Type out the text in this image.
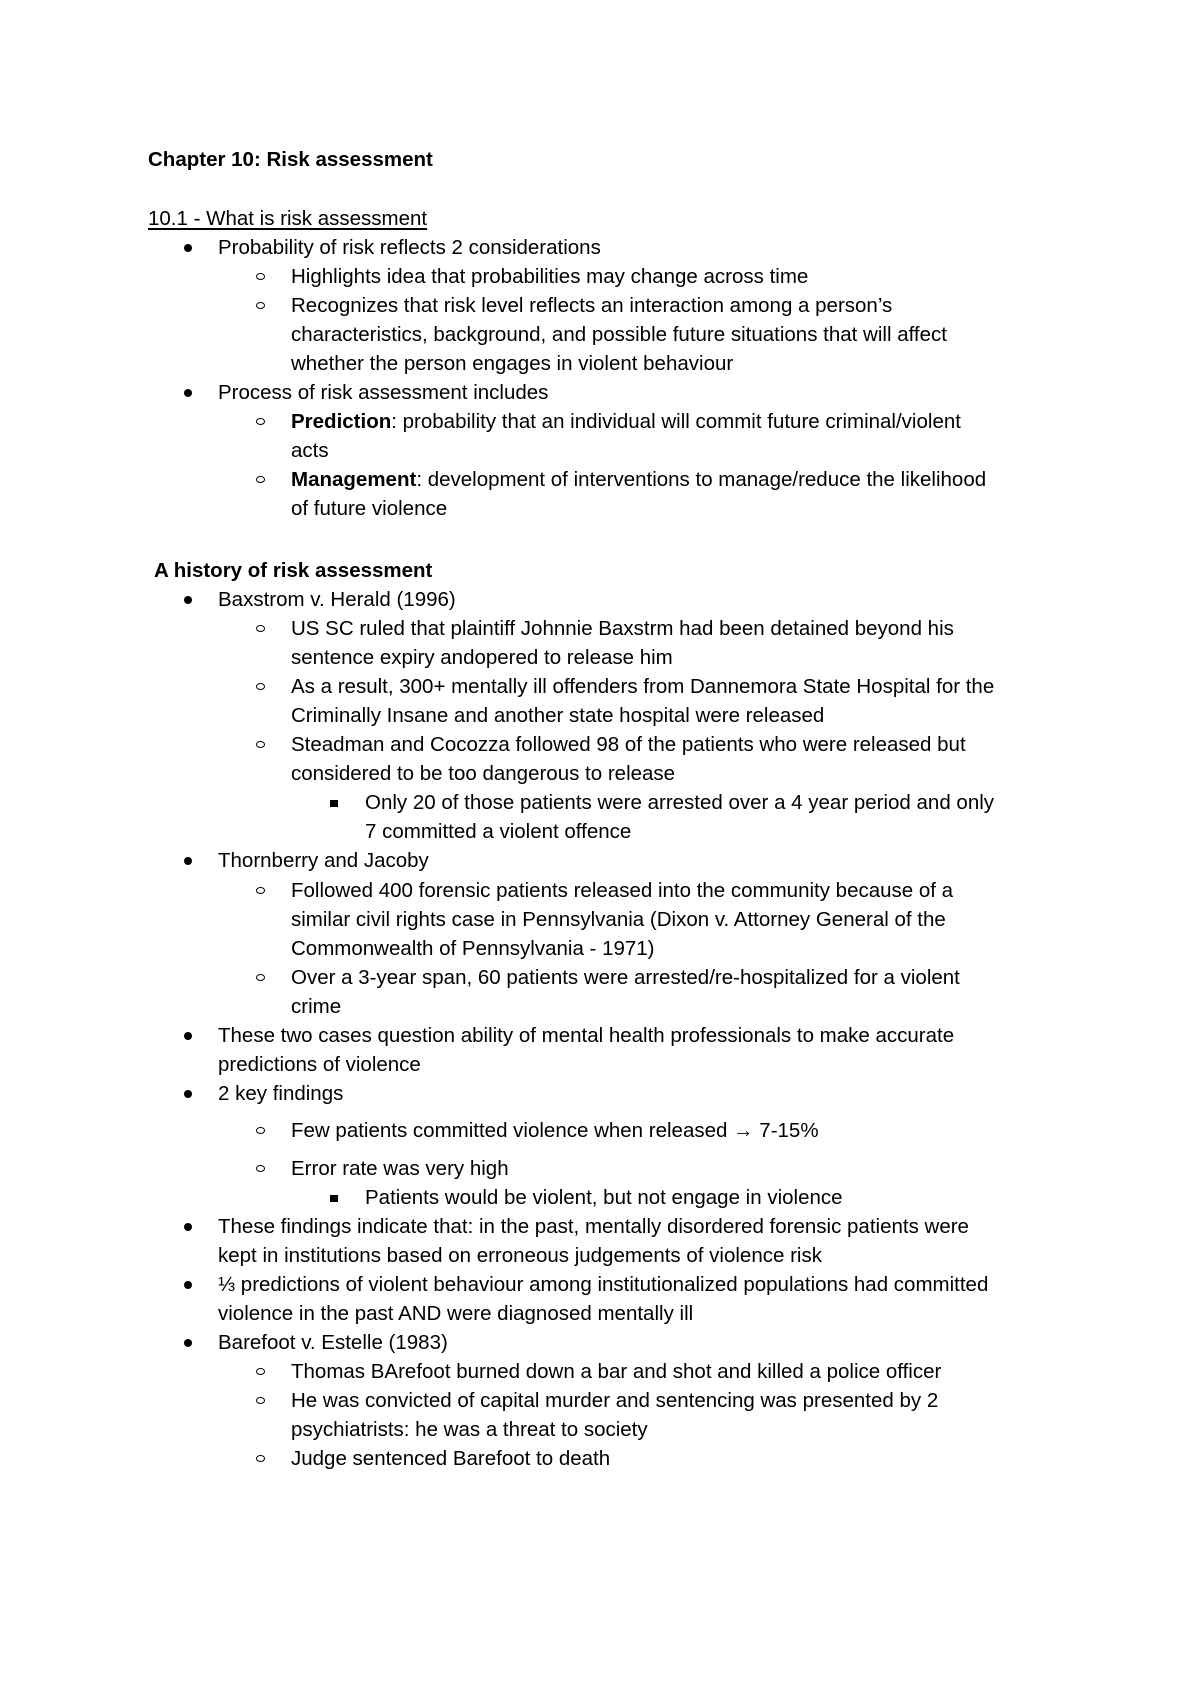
Chapter 10: Risk assessment
10.1 - What is risk assessment
Probability of risk reflects 2 considerations
Highlights idea that probabilities may change across time
Recognizes that risk level reflects an interaction among a person’s
characteristics, background, and possible future situations that will affect
whether the person engages in violent behaviour
Process of risk assessment includes
Prediction: probability that an individual will commit future criminal/violent
acts
Management: development of interventions to manage/reduce the likelihood
of future violence
A history of risk assessment
Baxstrom v. Herald (1996)
US SC ruled that plaintiff Johnnie Baxstrm had been detained beyond his
sentence expiry andopered to release him
As a result, 300+ mentally ill offenders from Dannemora State Hospital for the
Criminally Insane and another state hospital were released
Steadman and Cocozza followed 98 of the patients who were released but
considered to be too dangerous to release
Only 20 of those patients were arrested over a 4 year period and only
7 committed a violent offence
Thornberry and Jacoby
Followed 400 forensic patients released into the community because of a
similar civil rights case in Pennsylvania (Dixon v. Attorney General of the
Commonwealth of Pennsylvania - 1971)
Over a 3-year span, 60 patients were arrested/re-hospitalized for a violent
crime
These two cases question ability of mental health professionals to make accurate
predictions of violence
2 key findings
Few patients committed violence when released → 7-15%
Error rate was very high
Patients would be violent, but not engage in violence
These findings indicate that: in the past, mentally disordered forensic patients were
kept in institutions based on erroneous judgements of violence risk
⅓ predictions of violent behaviour among institutionalized populations had committed
violence in the past AND were diagnosed mentally ill
Barefoot v. Estelle (1983)
Thomas BArefoot burned down a bar and shot and killed a police officer
He was convicted of capital murder and sentencing was presented by 2
psychiatrists: he was a threat to society
Judge sentenced Barefoot to death
